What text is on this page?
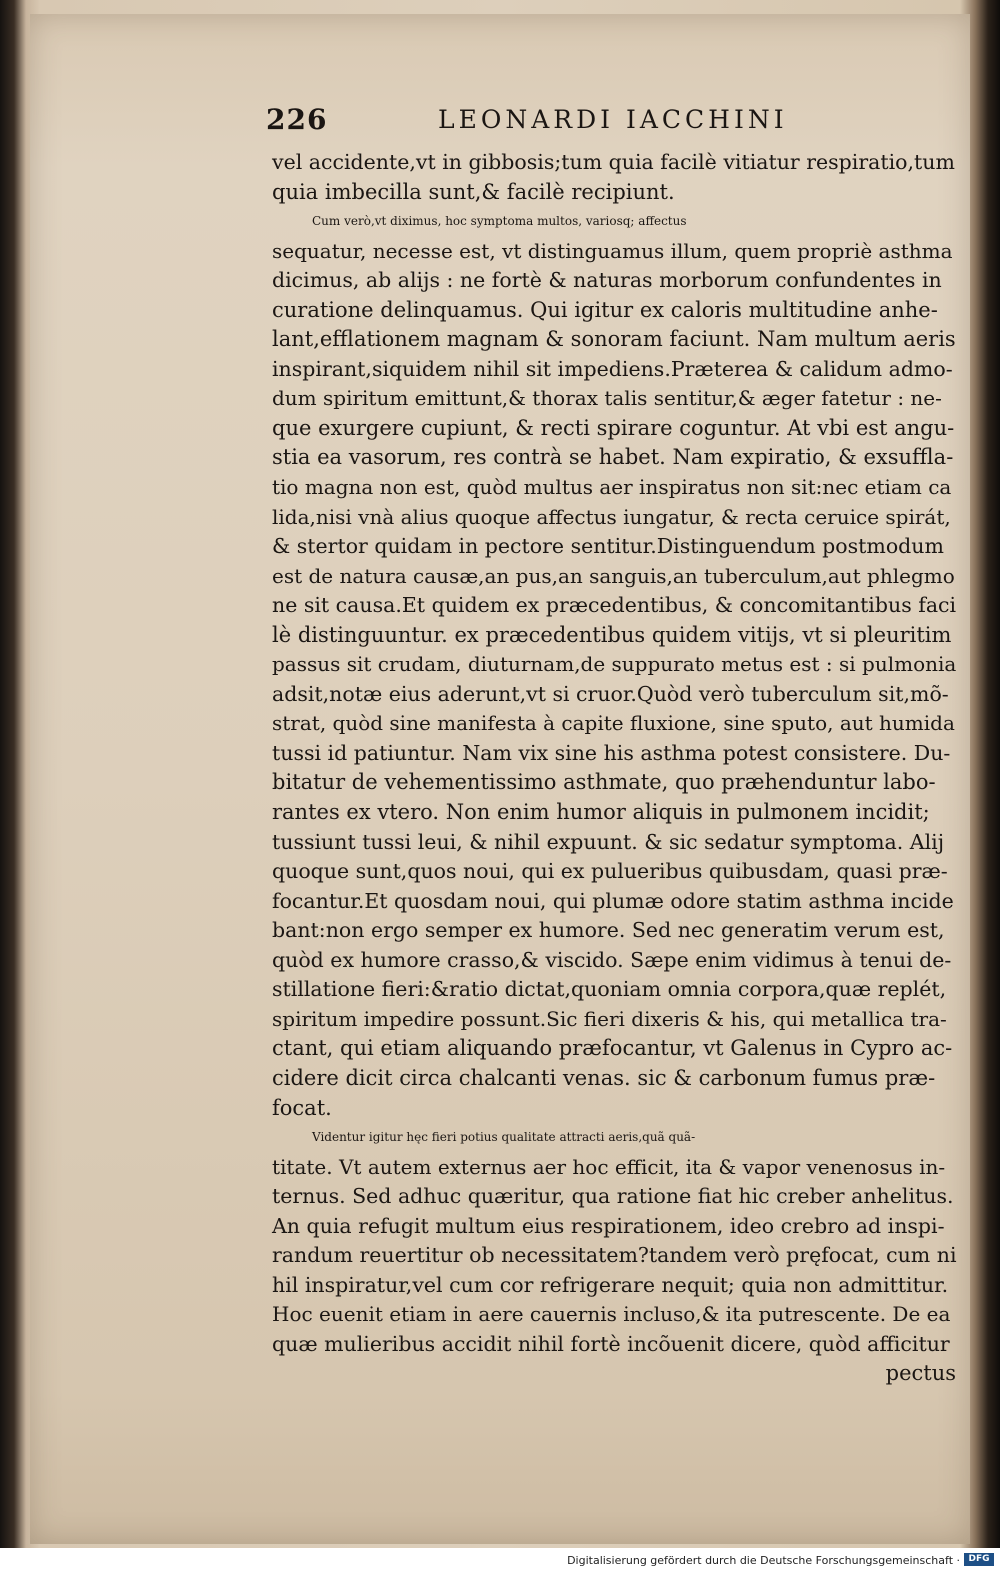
226	LEONARDI IACCHINI
vel accidente,vt in gibbosis;tum quia facilè vitiatur respiratio,tum
quia imbecilla sunt,& facilè recipiunt.
Cum verò,vt diximus, hoc symptoma multos, variosq; affectus
sequatur, necesse est, vt distinguamus illum, quem propriè asthma
dicimus, ab alijs : ne fortè & naturas morborum confundentes in
curatione delinquamus. Qui igitur ex caloris multitudine anhe-
lant,efflationem magnam & sonoram faciunt. Nam multum aeris
inspirant,siquidem nihil sit impediens.Præterea & calidum admo-
dum spiritum emittunt,& thorax talis sentitur,& æger fatetur : ne-
que exurgere cupiunt, & recti spirare coguntur. At vbi est angu-
stia ea vasorum, res contrà se habet. Nam expiratio, & exsuffla-
tio magna non est, quòd multus aer inspiratus non sit:nec etiam ca
lida,nisi vnà alius quoque affectus iungatur, & recta ceruice spirát,
& stertor quidam in pectore sentitur.Distinguendum postmodum
est de natura causæ,an pus,an sanguis,an tuberculum,aut phlegmo
ne sit causa.Et quidem ex præcedentibus, & concomitantibus faci
lè distinguuntur. ex præcedentibus quidem vitijs, vt si pleuritim
passus sit crudam, diuturnam,de suppurato metus est : si pulmonia
adsit,notæ eius aderunt,vt si cruor.Quòd verò tuberculum sit,mõ-
strat, quòd sine manifesta à capite fluxione, sine sputo, aut humida
tussi id patiuntur. Nam vix sine his asthma potest consistere. Du-
bitatur de vehementissimo asthmate, quo præhenduntur labo-
rantes ex vtero. Non enim humor aliquis in pulmonem incidit;
tussiunt tussi leui, & nihil expuunt. & sic sedatur symptoma. Alij
quoque sunt,quos noui, qui ex pulueribus quibusdam, quasi præ-
focantur.Et quosdam noui, qui plumæ odore statim asthma incide
bant:non ergo semper ex humore. Sed nec generatim verum est,
quòd ex humore crasso,& viscido. Sæpe enim vidimus à tenui de-
stillatione fieri:&ratio dictat,quoniam omnia corpora,quæ replét,
spiritum impedire possunt.Sic fieri dixeris & his, qui metallica tra-
ctant, qui etiam aliquando præfocantur, vt Galenus in Cypro ac-
cidere dicit circa chalcanti venas. sic & carbonum fumus præ-
focat.
Videntur igitur hęc fieri potius qualitate attracti aeris,quã quã-
titate. Vt autem externus aer hoc efficit, ita & vapor venenosus in-
ternus. Sed adhuc quæritur, qua ratione fiat hic creber anhelitus.
An quia refugit multum eius respirationem, ideo crebro ad inspi-
randum reuertitur ob necessitatem?tandem verò pręfocat, cum ni
hil inspiratur,vel cum cor refrigerare nequit; quia non admittitur.
Hoc euenit etiam in aere cauernis incluso,& ita putrescente. De ea
quæ mulieribus accidit nihil fortè incõuenit dicere, quòd afficitur
pectus
Digitalisierung gefördert durch die Deutsche Forschungsgemeinschaft · DFG
